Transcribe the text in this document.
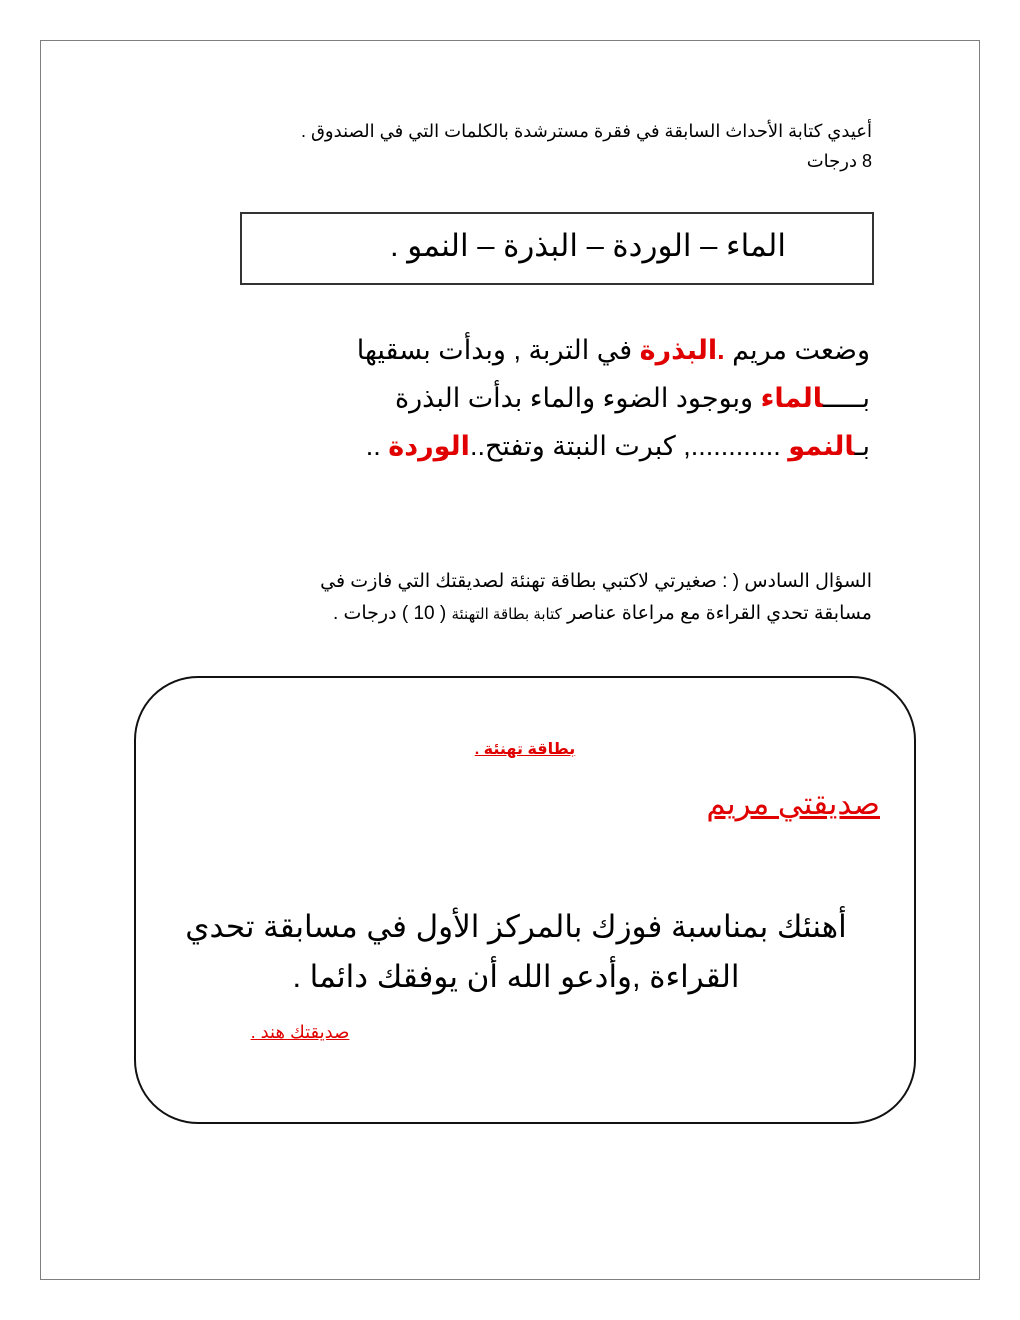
أعيدي كتابة الأحداث السابقة في فقرة مسترشدة بالكلمات التي في الصندوق .
8 درجات
الماء – الوردة – البذرة – النمو .
وضعت مريم .البذرة في التربة , وبدأت بسقيها
بـــــالماء وبوجود الضوء والماء بدأت البذرة
بـالنمو ............, كبرت النبتة وتفتح..الوردة ..
السؤال السادس ( : صغيرتي لاكتبي بطاقة تهنئة لصديقتك التي فازت في
مسابقة تحدي القراءة مع مراعاة عناصر كتابة بطاقة التهنئة ( 10 ) درجات .
بطاقة تهنئة .
صديقتي مريم
أهنئك بمناسبة فوزك بالمركز الأول في مسابقة تحدي
القراءة ,وأدعو الله أن يوفقك دائما .
صديقتك هند .
